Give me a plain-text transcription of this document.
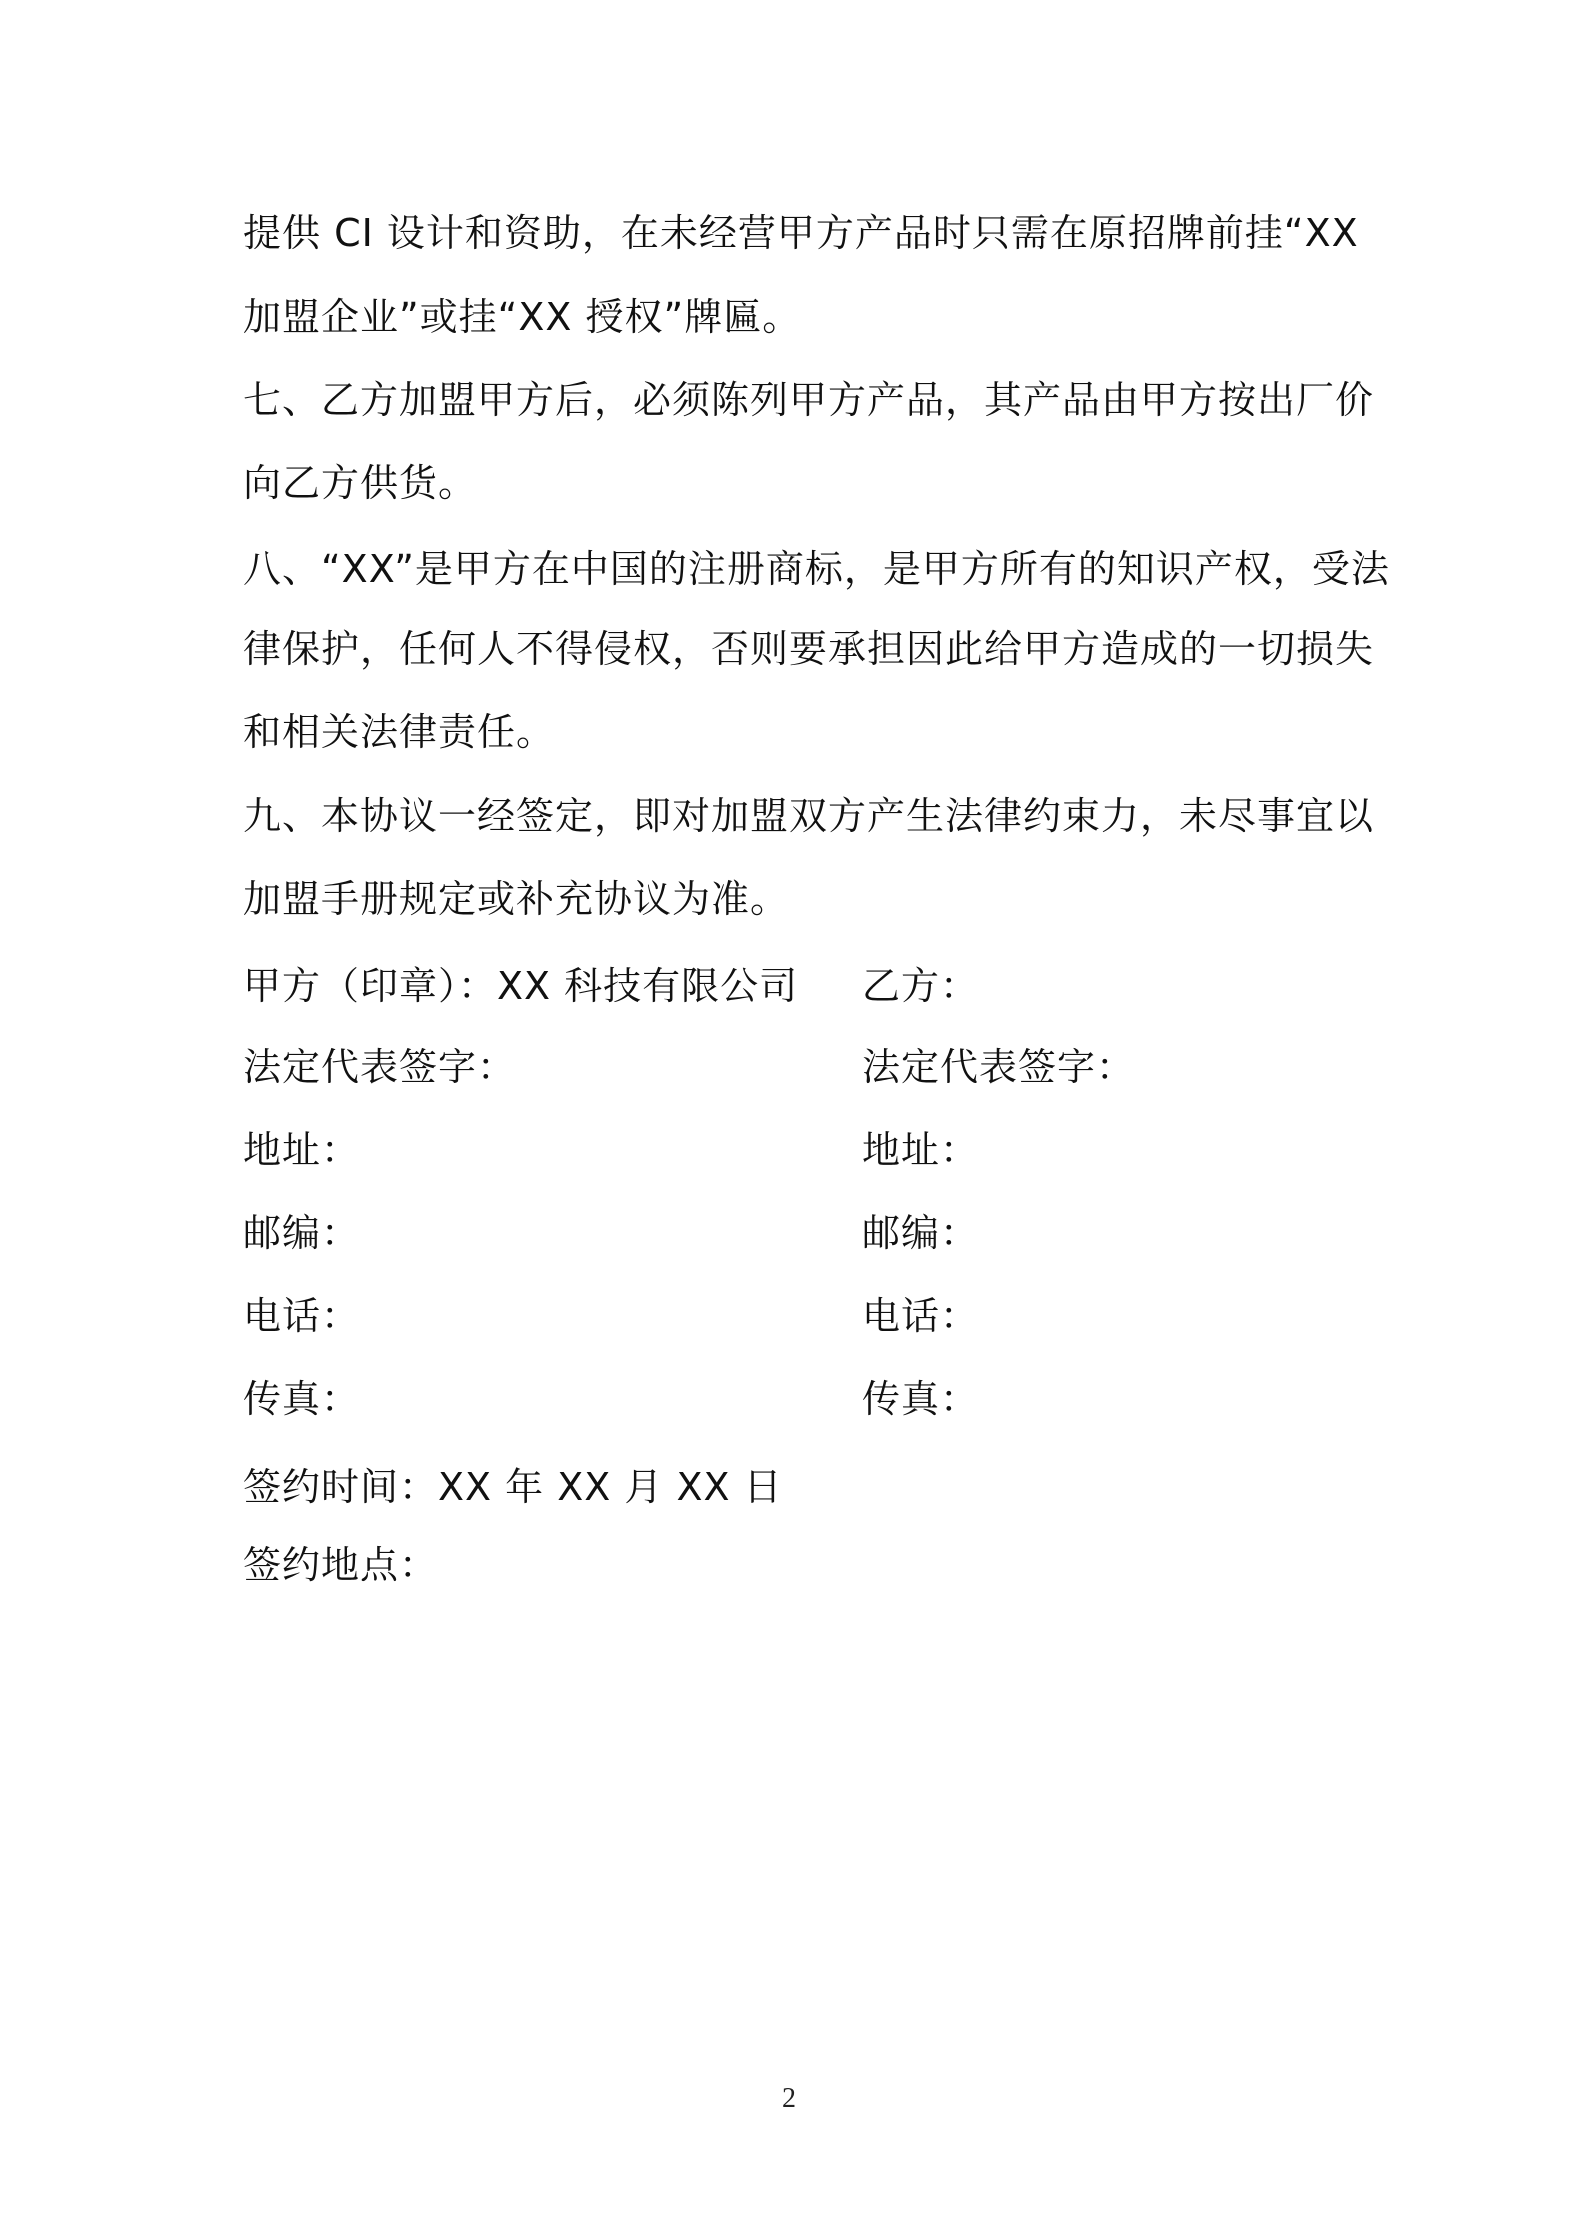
提供 CI 设计和资助，在未经营甲方产品时只需在原招牌前挂“XX
加盟企业”或挂“XX 授权”牌匾。
七、乙方加盟甲方后，必须陈列甲方产品，其产品由甲方按出厂价
向乙方供货。
八、“XX”是甲方在中国的注册商标，是甲方所有的知识产权，受法
律保护，任何人不得侵权，否则要承担因此给甲方造成的一切损失
和相关法律责任。
九、本协议一经签定，即对加盟双方产生法律约束力，未尽事宜以
加盟手册规定或补充协议为准。
甲方（印章）：XX 科技有限公司 乙方：
法定代表签字：	法定代表签字：
地址：	地址：
邮编：	邮编：
电话：	电话：
传真：	传真：
签约时间：XX 年 XX 月 XX 日
签约地点：
2
